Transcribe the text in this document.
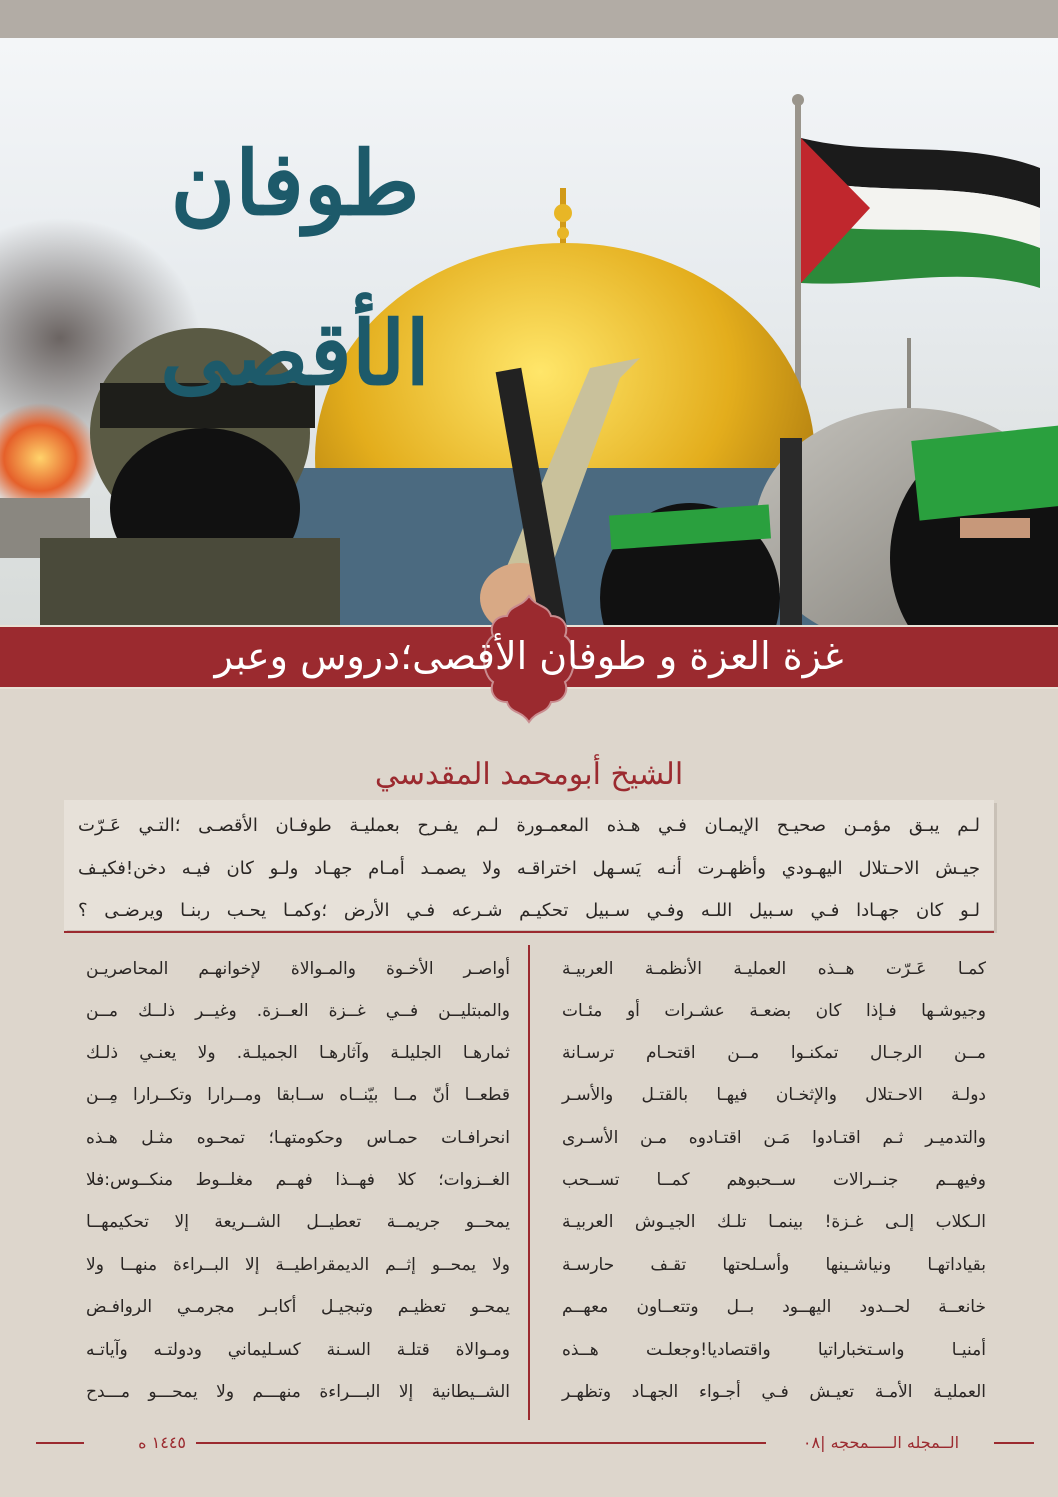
طوفان الأقصى
غزة العزة و طوفان الأقصى؛دروس وعبر
الشيخ أبومحمد المقدسي
لـم يبـق مؤمـن صحيـح الإيمـان فـي هـذه المعمـورة لـم يفـرح بعمليـة طوفـان الأقصـى ؛التـي عَـرّت
جيـش الاحـتلال اليهـودي وأظهـرت أنـه يَسـهل اختراقـه ولا يصمـد أمـام جهـاد ولـو كان فيـه دخن!فكيـف
لـو كان جهـادا فـي سـبيل اللـه وفـي سـبيل تحكيـم شـرعه فـي الأرض ؛وكمـا يحـب ربنـا ويرضـى ؟
كمـا عَـرّت هــذه العمليـة الأنظمـة العربيـة
وجيوشـها فـإذا كان بضعـة عشـرات أو مئـات
مــن الرجـال تمكنـوا مــن اقتحـام ترسـانة
دولـة الاحـتلال والإثخـان فيهـا بالقتـل والأسـر
والتدميـر ثـم اقتـادوا مَـن اقتـادوه مـن الأسـرى
وفيهــم جنــرالات ســحبوهم كمــا تســحب
الـكلاب إلـى غـزة! بينمـا تلـك الجيـوش العربيـة
بقياداتهـا ونياشـينها وأسـلحتها تقـف حارسـة
خانعــة لحــدود اليهــود بــل وتتعــاون معهــم
أمنيـا واسـتخباراتيا واقتصاديا!وجعلـت هــذه
العمليـة الأمـة تعيـش فـي أجـواء الجهـاد وتظهـر
أواصـر الأخـوة والمـوالاة لإخوانهـم المحاصريـن
والمبتليــن فــي غــزة العــزة. وغيــر ذلــك مــن
ثمارهـا الجليلـة وآثارهـا الجميلـة. ولا يعنـي ذلـك
قطعــا أنّ مــا بيّنــاه ســابقا ومــرارا وتكــرارا مِــن
انحرافـات حمـاس وحكومتهـا؛ تمحـوه مثـل هـذه
الغــزوات؛ كلا فهــذا فهــم مغلــوط منكــوس:فلا
يمحــو جريمــة تعطيــل الشــريعة إلا تحكيمهــا
ولا يمحــو إثــم الديمقراطيــة إلا البــراءة منهــا ولا
يمحـو تعظيـم وتبجيـل أكابـر مجرمـي الروافـض
ومـوالاة قتلـة السـنة كسـليماني ودولتـه وآياتـه
الشــيطانية إلا البـــراءة منهـــم ولا يمحـــو مـــدح
١٤٤٥ ه	الــمجله الـــــمحجه |٠٨
